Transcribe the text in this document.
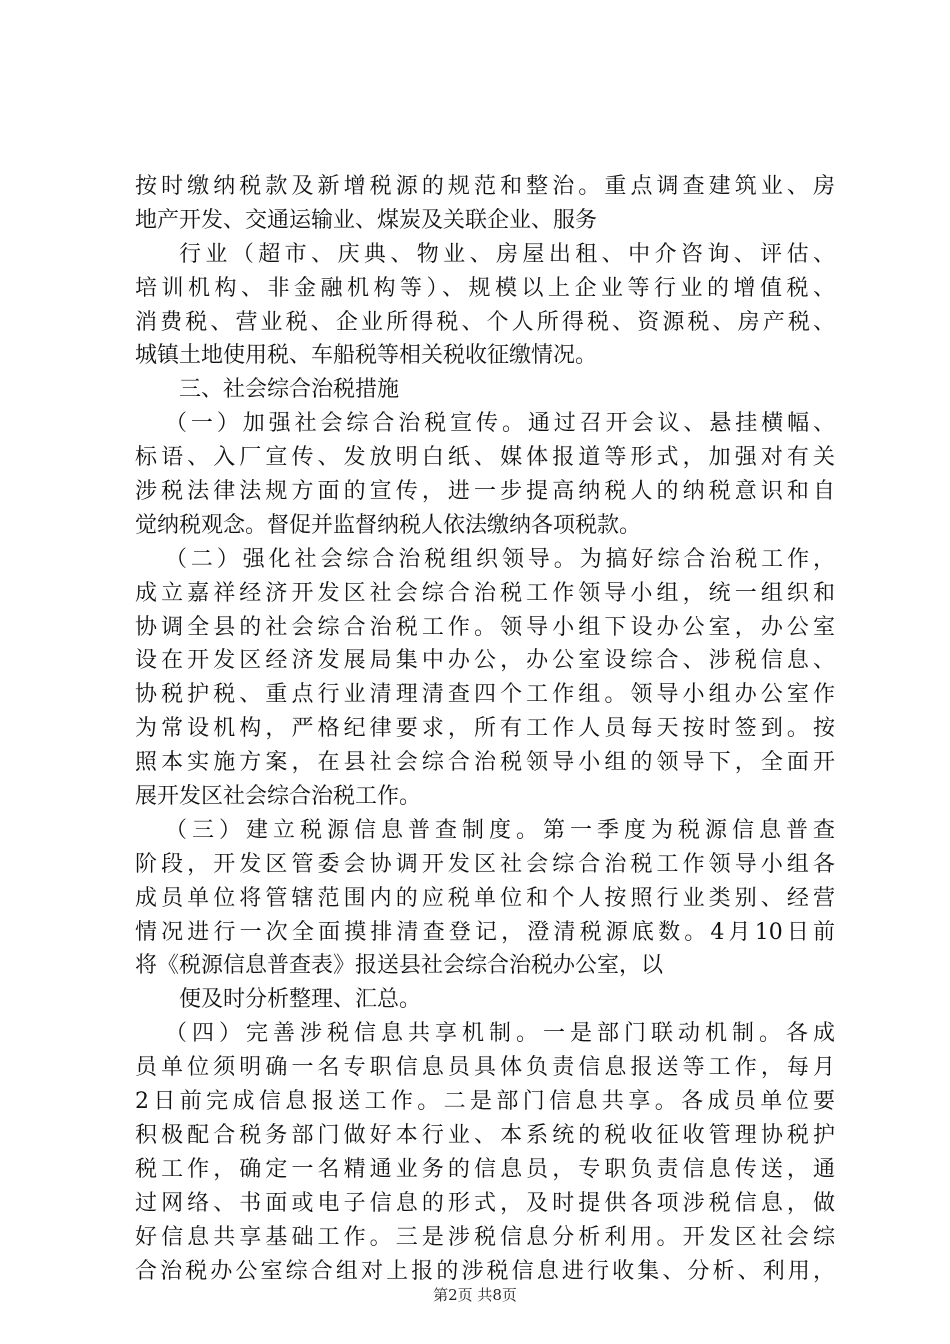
按时缴纳税款及新增税源的规范和整治。重点调查建筑业、房
地产开发、交通运输业、煤炭及关联企业、服务
行业（超市、庆典、物业、房屋出租、中介咨询、评估、
培训机构、非金融机构等）、规模以上企业等行业的增值税、
消费税、营业税、企业所得税、个人所得税、资源税、房产税、
城镇土地使用税、车船税等相关税收征缴情况。
三、社会综合治税措施
（一）加强社会综合治税宣传。通过召开会议、悬挂横幅、
标语、入厂宣传、发放明白纸、媒体报道等形式，加强对有关
涉税法律法规方面的宣传，进一步提高纳税人的纳税意识和自
觉纳税观念。督促并监督纳税人依法缴纳各项税款。
（二）强化社会综合治税组织领导。为搞好综合治税工作，
成立嘉祥经济开发区社会综合治税工作领导小组，统一组织和
协调全县的社会综合治税工作。领导小组下设办公室，办公室
设在开发区经济发展局集中办公，办公室设综合、涉税信息、
协税护税、重点行业清理清查四个工作组。领导小组办公室作
为常设机构，严格纪律要求，所有工作人员每天按时签到。按
照本实施方案，在县社会综合治税领导小组的领导下，全面开
展开发区社会综合治税工作。
（三）建立税源信息普查制度。第一季度为税源信息普查
阶段，开发区管委会协调开发区社会综合治税工作领导小组各
成员单位将管辖范围内的应税单位和个人按照行业类别、经营
情况进行一次全面摸排清查登记，澄清税源底数。4月10日前
将《税源信息普查表》报送县社会综合治税办公室，以
便及时分析整理、汇总。
（四）完善涉税信息共享机制。一是部门联动机制。各成
员单位须明确一名专职信息员具体负责信息报送等工作，每月
2日前完成信息报送工作。二是部门信息共享。各成员单位要
积极配合税务部门做好本行业、本系统的税收征收管理协税护
税工作，确定一名精通业务的信息员，专职负责信息传送，通
过网络、书面或电子信息的形式，及时提供各项涉税信息，做
好信息共享基础工作。三是涉税信息分析利用。开发区社会综
合治税办公室综合组对上报的涉税信息进行收集、分析、利用，
第2页 共8页
